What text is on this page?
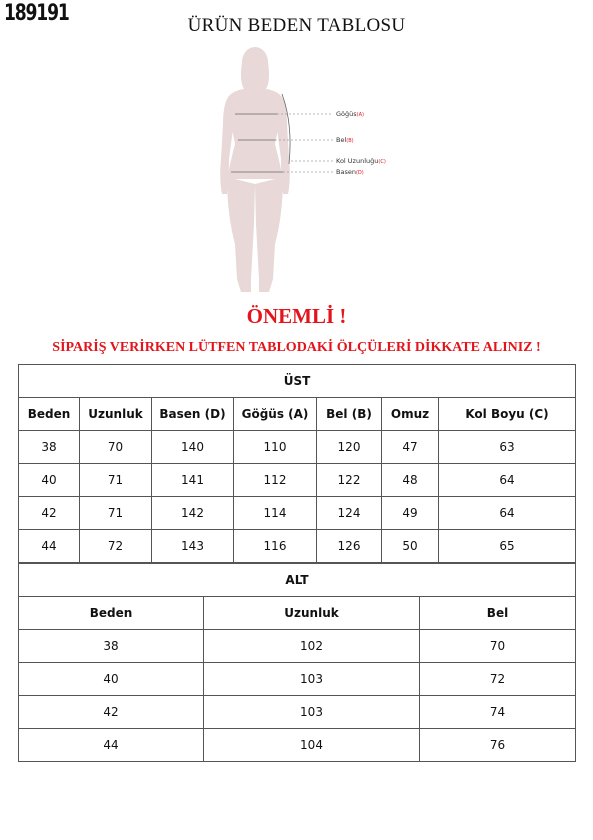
189191	ÜRÜN BEDEN TABLOSU
Göğüs(A)
Bel(B)
Kol Uzunluğu(C)
Basen(D)
ÖNEMLİ !
SİPARİŞ VERİRKEN LÜTFEN TABLODAKİ ÖLÇÜLERİ DİKKATE ALINIZ !
ÜST						
Beden	Uzunluk	Basen (D)	Göğüs (A)	Bel (B)	Omuz	Kol Boyu (C)
38	70	140	110	120	47	63
40	71	141	112	122	48	64
42	71	142	114	124	49	64
44	72	143	116	126	50	65
ALT		
Beden	Uzunluk	Bel
38	102	70
40	103	72
42	103	74
44	104	76
